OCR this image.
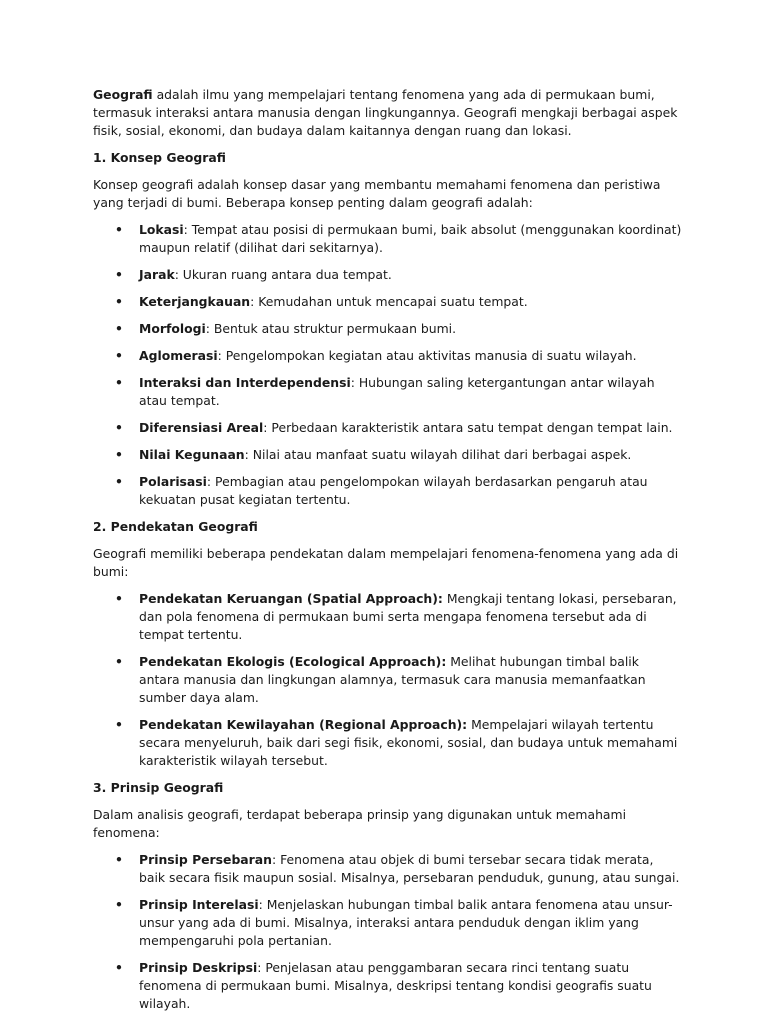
Geografi adalah ilmu yang mempelajari tentang fenomena yang ada di permukaan bumi, termasuk interaksi antara manusia dengan lingkungannya. Geografi mengkaji berbagai aspek fisik, sosial, ekonomi, dan budaya dalam kaitannya dengan ruang dan lokasi.

1. Konsep Geografi

Konsep geografi adalah konsep dasar yang membantu memahami fenomena dan peristiwa yang terjadi di bumi. Beberapa konsep penting dalam geografi adalah:

• Lokasi: Tempat atau posisi di permukaan bumi, baik absolut (menggunakan koordinat) maupun relatif (dilihat dari sekitarnya).
• Jarak: Ukuran ruang antara dua tempat.
• Keterjangkauan: Kemudahan untuk mencapai suatu tempat.
• Morfologi: Bentuk atau struktur permukaan bumi.
• Aglomerasi: Pengelompokan kegiatan atau aktivitas manusia di suatu wilayah.
• Interaksi dan Interdependensi: Hubungan saling ketergantungan antar wilayah atau tempat.
• Diferensiasi Areal: Perbedaan karakteristik antara satu tempat dengan tempat lain.
• Nilai Kegunaan: Nilai atau manfaat suatu wilayah dilihat dari berbagai aspek.
• Polarisasi: Pembagian atau pengelompokan wilayah berdasarkan pengaruh atau kekuatan pusat kegiatan tertentu.
2. Pendekatan Geografi

Geografi memiliki beberapa pendekatan dalam mempelajari fenomena-fenomena yang ada di bumi:

• Pendekatan Keruangan (Spatial Approach): Mengkaji tentang lokasi, persebaran, dan pola fenomena di permukaan bumi serta mengapa fenomena tersebut ada di tempat tertentu.
• Pendekatan Ekologis (Ecological Approach): Melihat hubungan timbal balik antara manusia dan lingkungan alamnya, termasuk cara manusia memanfaatkan sumber daya alam.
• Pendekatan Kewilayahan (Regional Approach): Mempelajari wilayah tertentu secara menyeluruh, baik dari segi fisik, ekonomi, sosial, dan budaya untuk memahami karakteristik wilayah tersebut.
3. Prinsip Geografi

Dalam analisis geografi, terdapat beberapa prinsip yang digunakan untuk memahami fenomena:

• Prinsip Persebaran: Fenomena atau objek di bumi tersebar secara tidak merata, baik secara fisik maupun sosial. Misalnya, persebaran penduduk, gunung, atau sungai.
• Prinsip Interelasi: Menjelaskan hubungan timbal balik antara fenomena atau unsur-unsur yang ada di bumi. Misalnya, interaksi antara penduduk dengan iklim yang mempengaruhi pola pertanian.
• Prinsip Deskripsi: Penjelasan atau penggambaran secara rinci tentang suatu fenomena di permukaan bumi. Misalnya, deskripsi tentang kondisi geografis suatu wilayah.
